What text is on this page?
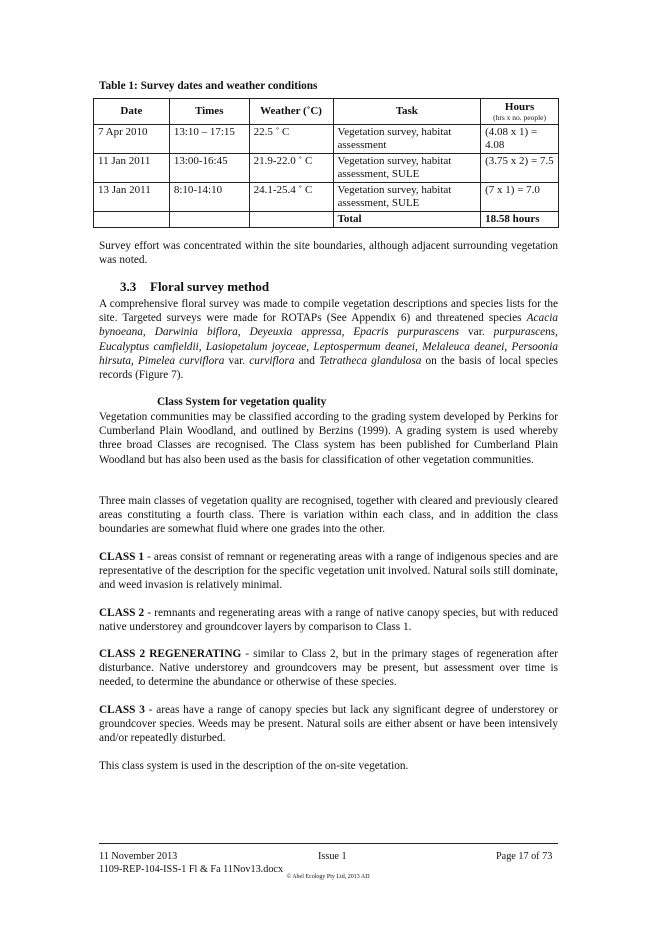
Table 1: Survey dates and weather conditions
Date	Times	Weather (˚C)	Task	Hours
(hrs x no. people)

7 Apr 2010	13:10 – 17:15	22.5 ˚ C	Vegetation survey, habitat assessment	(4.08 x 1) = 4.08
11 Jan 2011	13:00-16:45	21.9-22.0 ˚ C	Vegetation survey, habitat assessment, SULE	(3.75 x 2) = 7.5
13 Jan 2011	8:10-14:10	24.1-25.4 ˚ C	Vegetation survey, habitat assessment, SULE	(7 x 1) = 7.0
			Total	18.58 hours

Survey effort was concentrated within the site boundaries, although adjacent surrounding vegetation was noted.

3.3 Floral survey method

A comprehensive floral survey was made to compile vegetation descriptions and species lists for the site. Targeted surveys were made for ROTAPs (See Appendix 6) and threatened species Acacia bynoeana, Darwinia biflora, Deyeuxia appressa, Epacris purpurascens var. purpurascens, Eucalyptus camfieldii, Lasiopetalum joyceae, Leptospermum deanei, Melaleuca deanei, Persoonia hirsuta, Pimelea curviflora var. curviflora and Tetratheca glandulosa on the basis of local species records (Figure 7).

Class System for vegetation quality

Vegetation communities may be classified according to the grading system developed by Perkins for Cumberland Plain Woodland, and outlined by Berzins (1999). A grading system is used whereby three broad Classes are recognised. The Class system has been published for Cumberland Plain Woodland but has also been used as the basis for classification of other vegetation communities.

Three main classes of vegetation quality are recognised, together with cleared and previously cleared areas constituting a fourth class. There is variation within each class, and in addition the class boundaries are somewhat fluid where one grades into the other.

CLASS 1 - areas consist of remnant or regenerating areas with a range of indigenous species and are representative of the description for the specific vegetation unit involved. Natural soils still dominate, and weed invasion is relatively minimal.

CLASS 2 - remnants and regenerating areas with a range of native canopy species, but with reduced native understorey and groundcover layers by comparison to Class 1.

CLASS 2 REGENERATING - similar to Class 2, but in the primary stages of regeneration after disturbance. Native understorey and groundcovers may be present, but assessment over time is needed, to determine the abundance or otherwise of these species.

CLASS 3 - areas have a range of canopy species but lack any significant degree of understorey or groundcover species. Weeds may be present. Natural soils are either absent or have been intensively and/or repeatedly disturbed.

This class system is used in the description of the on-site vegetation.

11 November 2013	Issue 1	Page 17 of 73
1109-REP-104-ISS-1 Fl & Fa 11Nov13.docx
© Abel Ecology Pty Ltd, 2013 AD
